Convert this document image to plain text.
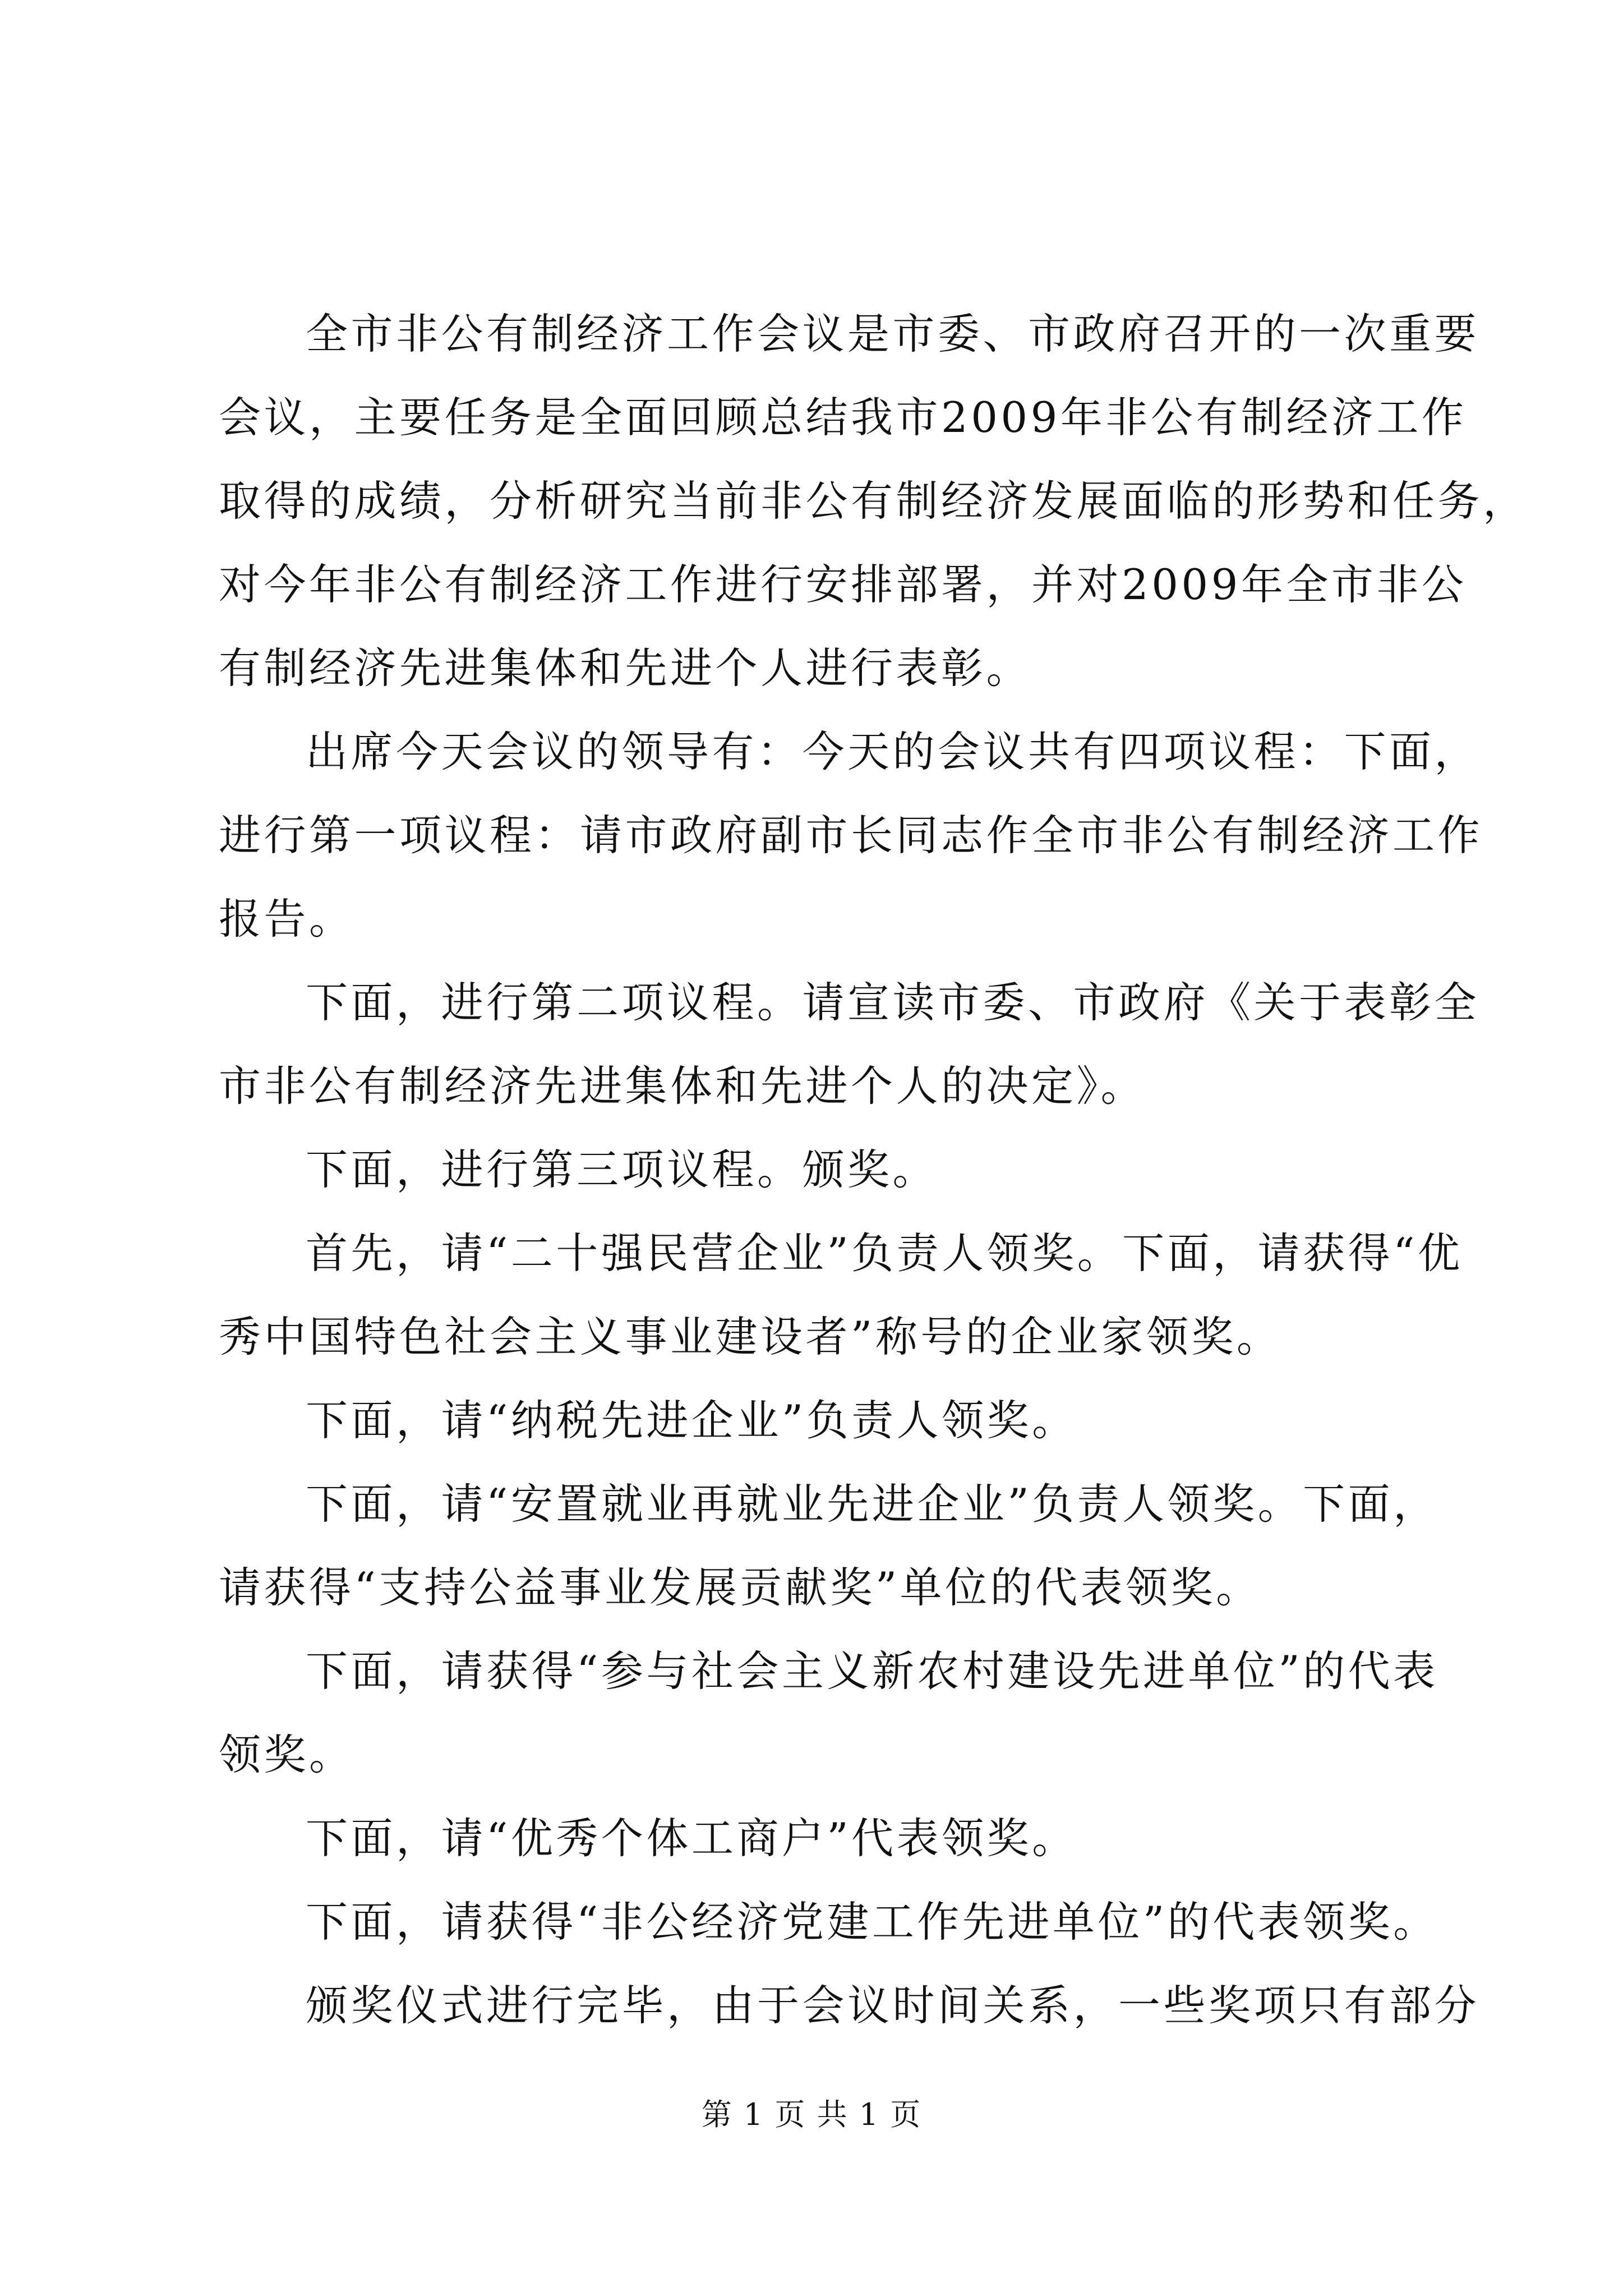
全市非公有制经济工作会议是市委、市政府召开的一次重要
会议，主要任务是全面回顾总结我市2009年非公有制经济工作
取得的成绩，分析研究当前非公有制经济发展面临的形势和任务，
对今年非公有制经济工作进行安排部署，并对2009年全市非公
有制经济先进集体和先进个人进行表彰。
出席今天会议的领导有：今天的会议共有四项议程：下面，
进行第一项议程：请市政府副市长同志作全市非公有制经济工作
报告。
下面，进行第二项议程。请宣读市委、市政府《关于表彰全
市非公有制经济先进集体和先进个人的决定》。
下面，进行第三项议程。颁奖。
首先，请“二十强民营企业”负责人领奖。下面，请获得“优
秀中国特色社会主义事业建设者”称号的企业家领奖。
下面，请“纳税先进企业”负责人领奖。
下面，请“安置就业再就业先进企业”负责人领奖。下面，
请获得“支持公益事业发展贡献奖”单位的代表领奖。
下面，请获得“参与社会主义新农村建设先进单位”的代表
领奖。
下面，请“优秀个体工商户”代表领奖。
下面，请获得“非公经济党建工作先进单位”的代表领奖。
颁奖仪式进行完毕，由于会议时间关系，一些奖项只有部分
第 1 页 共 1 页
